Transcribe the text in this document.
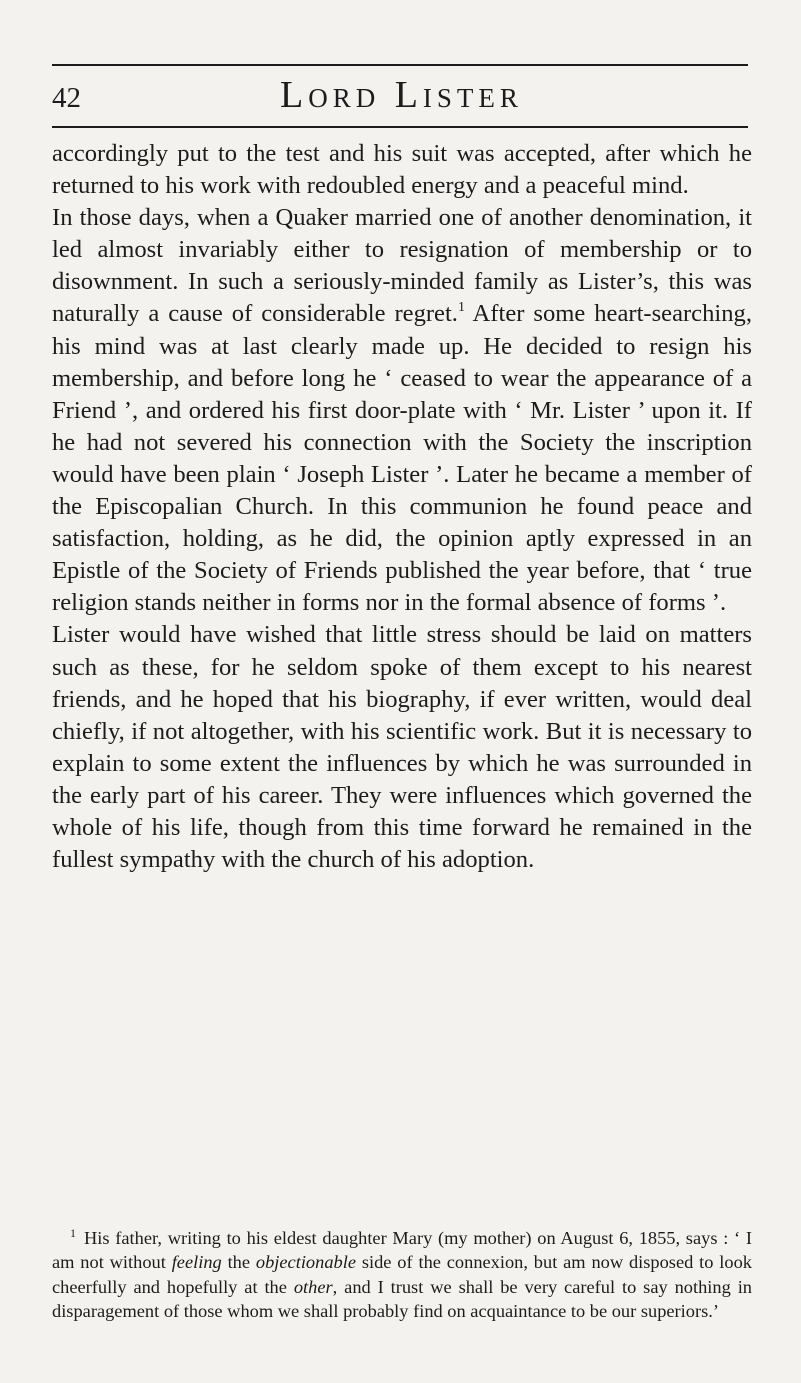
42	Lord Lister

accordingly put to the test and his suit was accepted, after which he returned to his work with redoubled energy and a peaceful mind.

In those days, when a Quaker married one of another denomination, it led almost invariably either to resignation of membership or to disownment. In such a seriously-minded family as Lister’s, this was naturally a cause of considerable regret.$^1$ After some heart-searching, his mind was at last clearly made up. He decided to resign his membership, and before long he ‘ ceased to wear the appearance of a Friend ’, and ordered his first door-plate with ‘ Mr. Lister ’ upon it. If he had not severed his connection with the Society the inscription would have been plain ‘ Joseph Lister ’. Later he became a member of the Episcopalian Church. In this communion he found peace and satisfaction, holding, as he did, the opinion aptly expressed in an Epistle of the Society of Friends published the year before, that ‘ true religion stands neither in forms nor in the formal absence of forms ’.

Lister would have wished that little stress should be laid on matters such as these, for he seldom spoke of them except to his nearest friends, and he hoped that his biography, if ever written, would deal chiefly, if not altogether, with his scientific work. But it is necessary to explain to some extent the influences by which he was surrounded in the early part of his career. They were influences which governed the whole of his life, though from this time forward he remained in the fullest sympathy with the church of his adoption.

$^1$ His father, writing to his eldest daughter Mary (my mother) on August 6, 1855, says : ‘ I am not without feeling the objectionable side of the connexion, but am now disposed to look cheerfully and hopefully at the other, and I trust we shall be very careful to say nothing in disparagement of those whom we shall probably find on acquaintance to be our superiors.’
